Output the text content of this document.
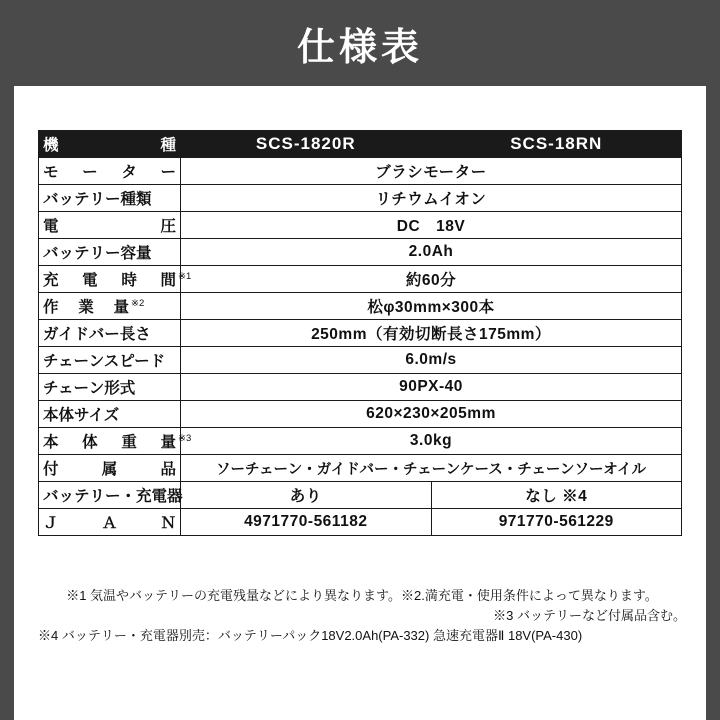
仕様表
機　　　種	SCS-1820R	SCS-18RN

モ ー タ ー	ブラシモーター	
バッテリー種類	リチウムイオン	
電　　　圧	DC　18V	
バッテリー容量	2.0Ah	
充 電 時 間 $^{※1}$	約60分	
作 業 量 $^{※2}$	松φ30mm×300本	
ガイドバー長さ	250mm（有効切断長さ175mm）	
チェーンスピード	6.0m/s	
チェーン形式	90PX-40	
本体サイズ	620×230×205mm	
本 体 重 量 $^{※3}$	3.0kg	
付　属　品	ソーチェーン・ガイドバー・チェーンケース・チェーンソーオイル	
バッテリー・充電器	あり	なし ※4
Ｊ Ａ Ｎ	4971770-561182	971770-561229
※1 気温やバッテリーの充電残量などにより異なります。※2.満充電・使用条件によって異なります。
※3 バッテリーなど付属品含む。
※4 バッテリー・充電器別売：バッテリーパック18V2.0Ah(PA-332) 急速充電器Ⅱ 18V(PA-430)
